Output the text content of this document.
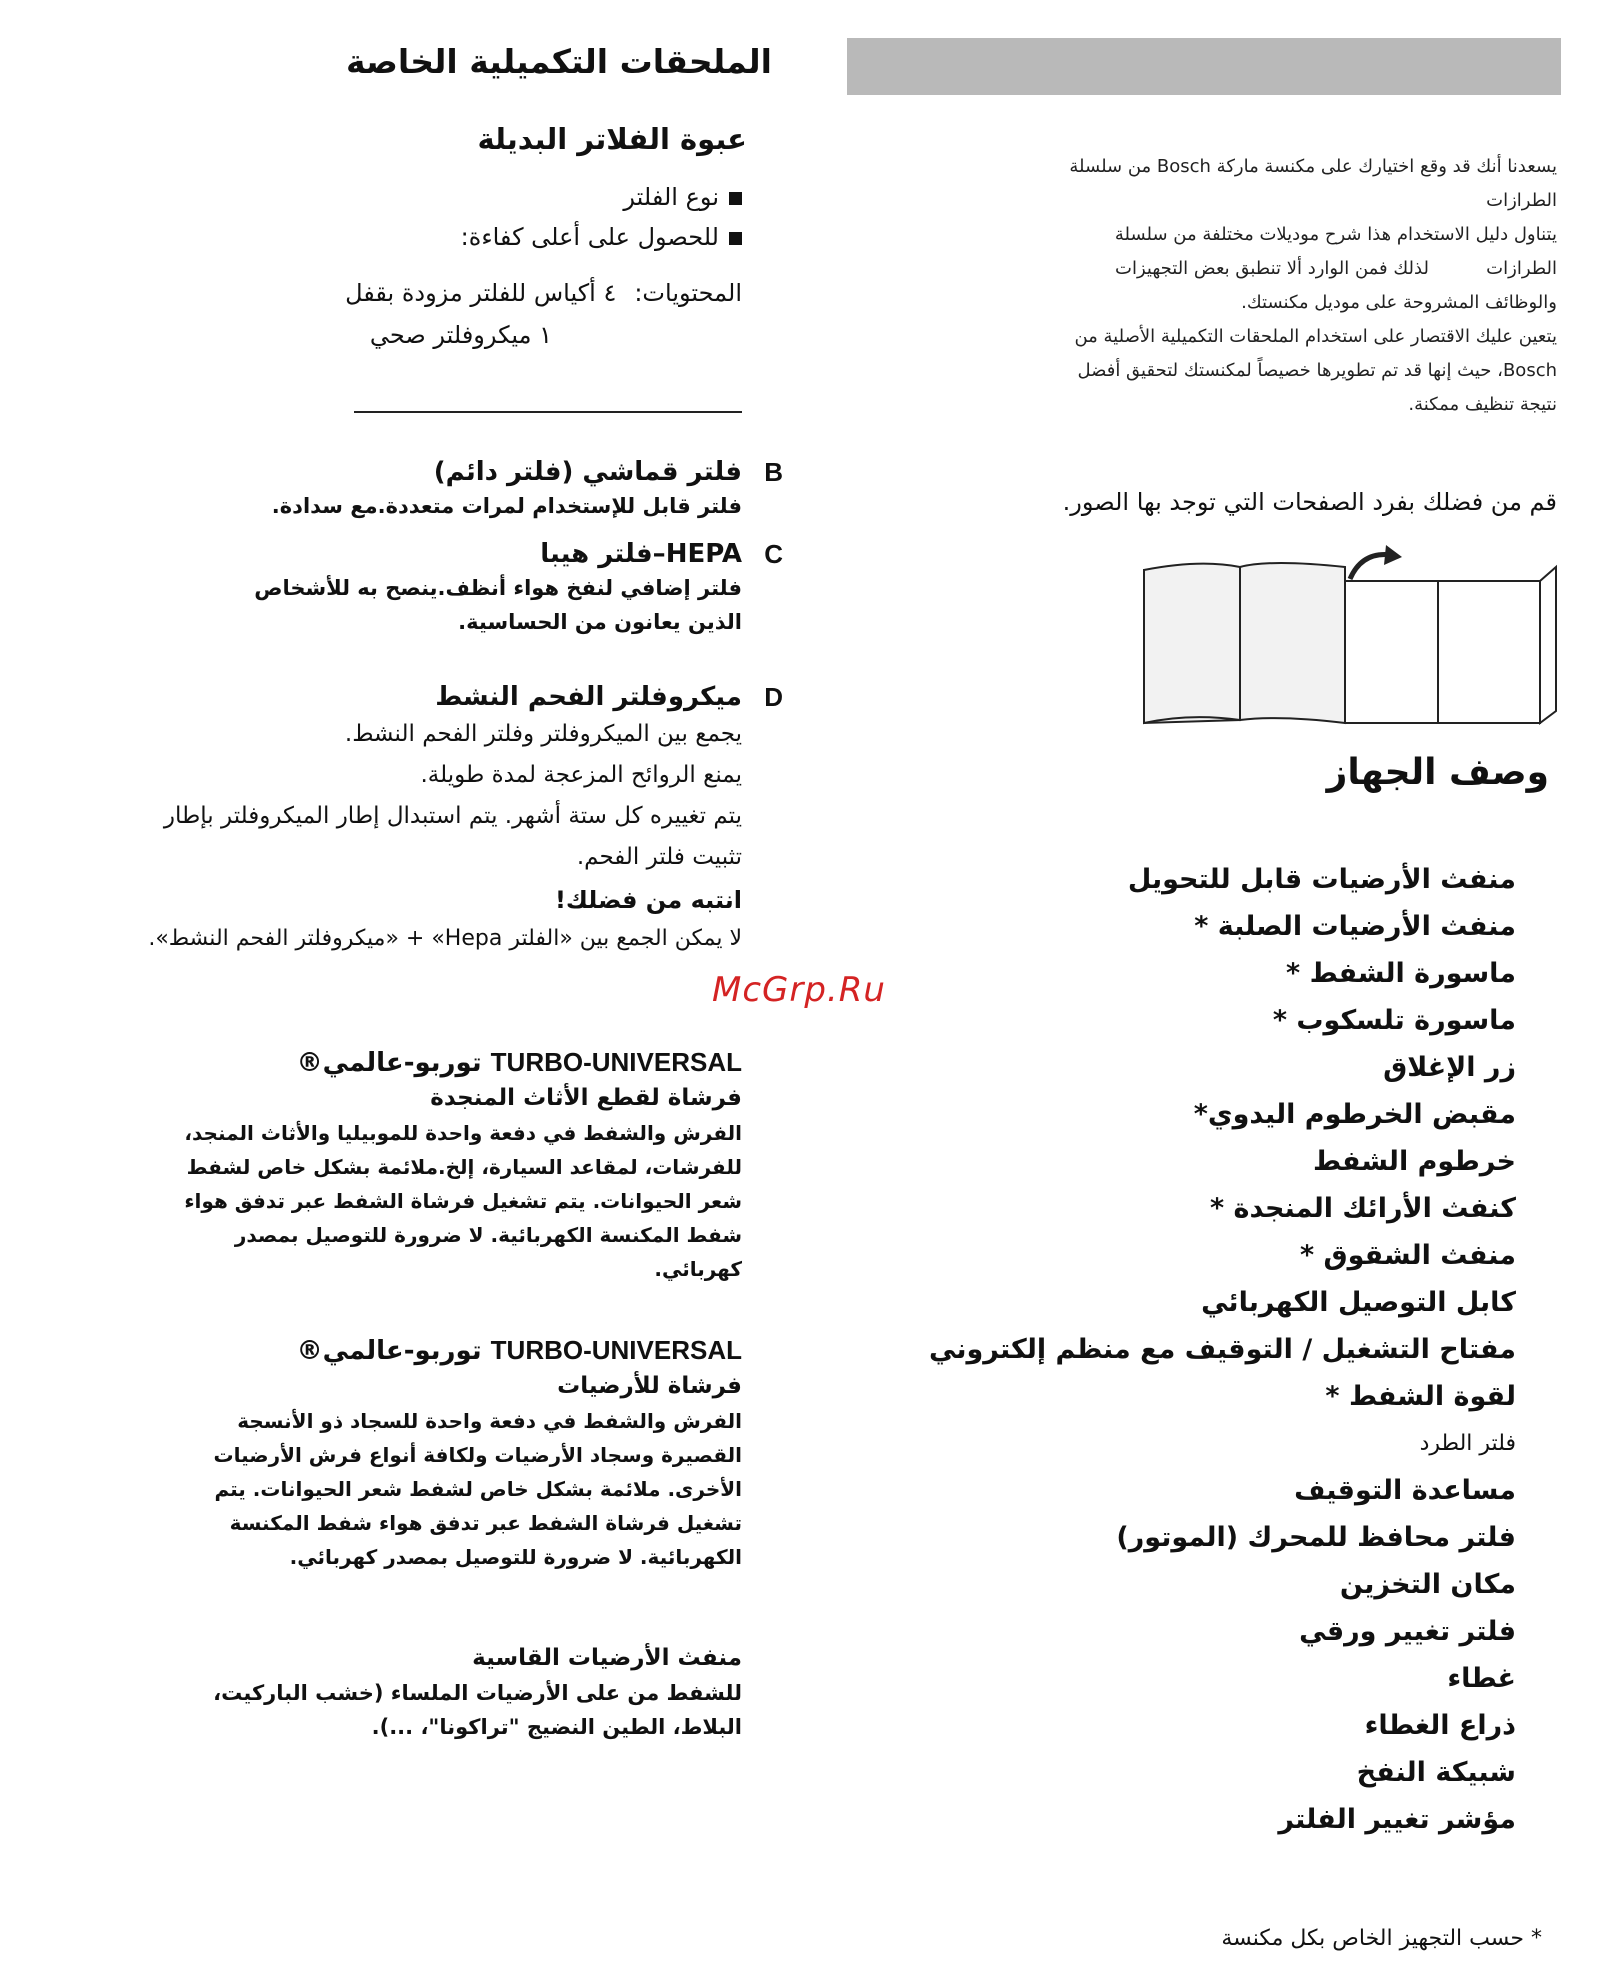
يسعدنا أنك قد وقع اختيارك على مكنسة ماركة Bosch من سلسلة

الطرازات

يتناول دليل الاستخدام هذا شرح موديلات مختلفة من سلسلة

الطرازات          لذلك فمن الوارد ألا تنطبق بعض التجهيزات

والوظائف المشروحة على موديل مكنستك.

يتعين عليك الاقتصار على استخدام الملحقات التكميلية الأصلية من

Bosch، حيث إنها قد تم تطويرها خصيصاً لمكنستك لتحقيق أفضل

نتيجة تنظيف ممكنة.

قم من فضلك بفرد الصفحات التي توجد بها الصور.
وصف الجهاز
منفث الأرضيات قابل للتحويل
منفث الأرضيات الصلبة *
ماسورة الشفط *
ماسورة تلسكوب *
زر الإغلاق
مقبض الخرطوم اليدوي*
خرطوم الشفط
كنفث الأرائك المنجدة *
منفث الشقوق *
كابل التوصيل الكهربائي
مفتاح التشغيل / التوقيف مع منظم إلكتروني
لقوة الشفط *
فلتر الطرد
مساعدة التوقيف
فلتر محافظ للمحرك (الموتور)
مكان التخزين
فلتر تغيير ورقي
غطاء
ذراع الغطاء
شبيكة النفخ
مؤشر تغيير الفلتر
* حسب التجهيز الخاص بكل مكنسة
الملحقات التكميلية الخاصة
عبوة الفلاتر البديلة
نوع الفلتر
للحصول على أعلى كفاءة:
المحتويات:٤ أكياس للفلتر مزودة بقفل
١ ميكروفلتر صحي
B
فلتر قماشي (فلتر دائم)
فلتر قابل للإستخدام لمرات متعددة.مع سدادة.
C
HEPA–فلتر هيبا
فلتر إضافي لنفخ هواء أنظف.ينصح به للأشخاص الذين يعانون من الحساسية.
D
ميكروفلتر الفحم النشط
يجمع بين الميكروفلتر وفلتر الفحم النشط.
يمنع الروائح المزعجة لمدة طويلة.
يتم تغييره كل ستة أشهر. يتم استبدال إطار الميكروفلتر بإطار
تثبيت فلتر الفحم.
انتبه من فضلك!
لا يمكن الجمع بين «الفلتر Hepa» + «ميكروفلتر الفحم النشط».
TURBO-UNIVERSAL توربو-عالمي®
فرشاة لقطع الأثاث المنجدة
الفرش والشفط في دفعة واحدة للموبيليا والأثاث المنجد، للفرشات، لمقاعد السيارة، إلخ.ملائمة بشكل خاص لشفط شعر الحيوانات. يتم تشغيل فرشاة الشفط عبر تدفق هواء شفط المكنسة الكهربائية. لا ضرورة للتوصيل بمصدر كهربائي.
TURBO-UNIVERSAL توربو-عالمي®
فرشاة للأرضيات
الفرش والشفط في دفعة واحدة للسجاد ذو الأنسجة القصيرة وسجاد الأرضيات ولكافة أنواع فرش الأرضيات الأخرى. ملائمة بشكل خاص لشفط شعر الحيوانات. يتم تشغيل فرشاة الشفط عبر تدفق هواء شفط المكنسة الكهربائية. لا ضرورة للتوصيل بمصدر كهربائي.
منفث الأرضيات القاسية
للشفط من على الأرضيات الملساء (خشب الباركيت، البلاط، الطين النضيج "تراكونا"، ...).
McGrp.Ru
